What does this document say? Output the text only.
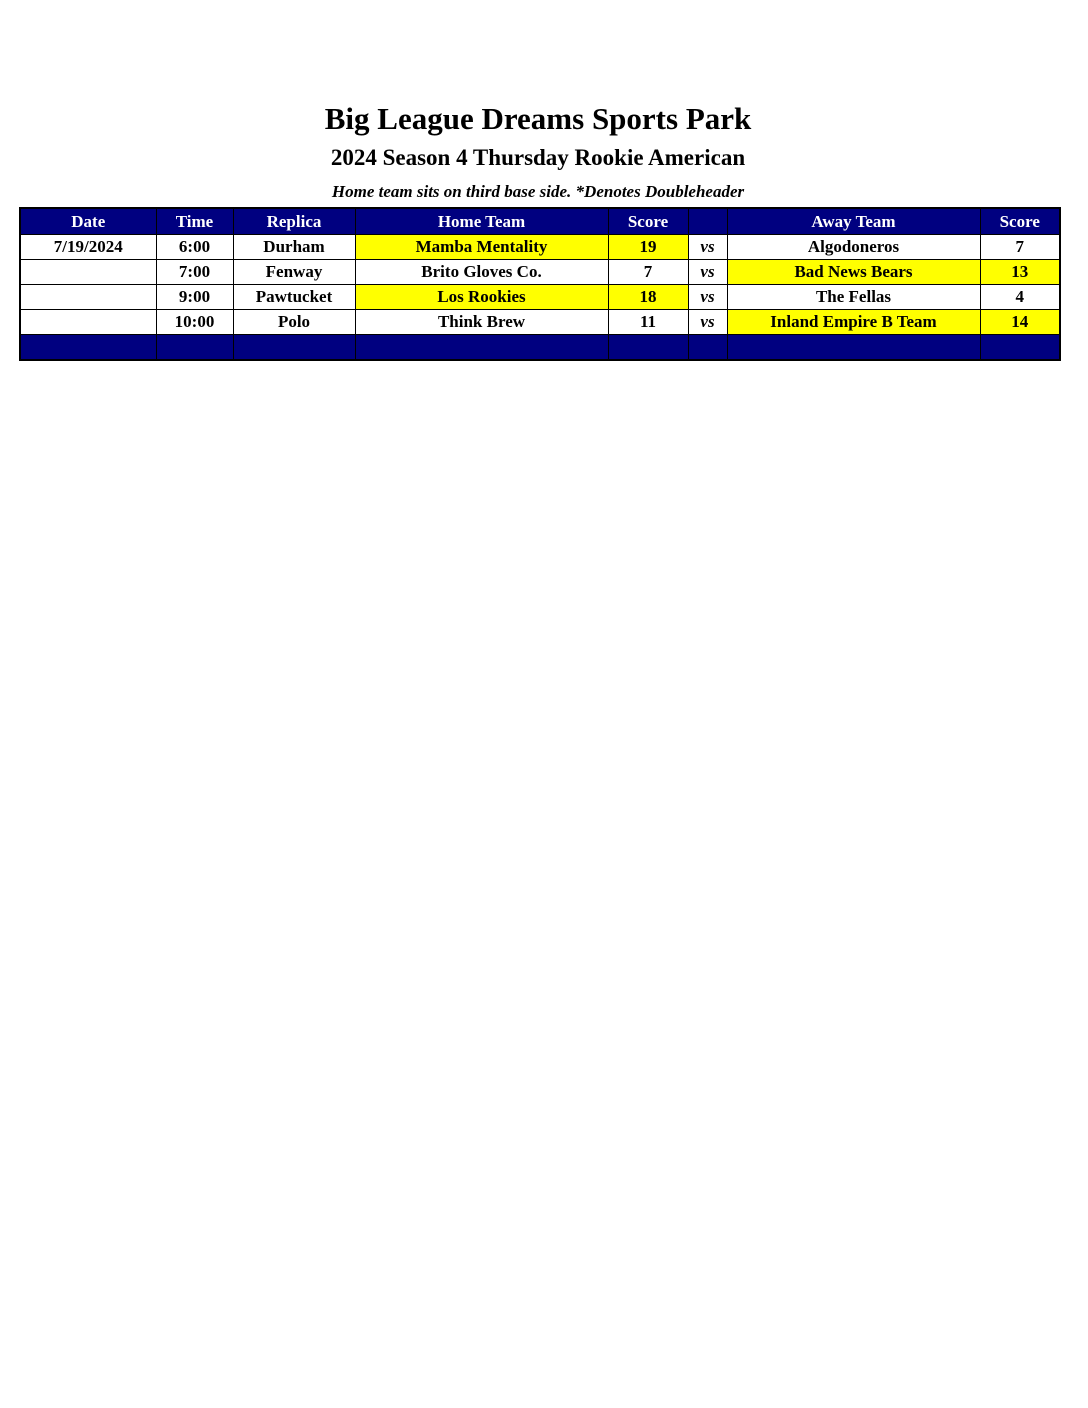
Big League Dreams Sports Park
2024 Season 4 Thursday Rookie American

Home team sits on third base side. *Denotes Doubleheader

Date	Time	Replica	Home Team	Score		Away Team	Score
7/19/2024	6:00	Durham	Mamba Mentality	19	vs	Algodoneros	7
	7:00	Fenway	Brito Gloves Co.	7	vs	Bad News Bears	13
	9:00	Pawtucket	Los Rookies	18	vs	The Fellas	4
	10:00	Polo	Think Brew	11	vs	Inland Empire B Team	14
